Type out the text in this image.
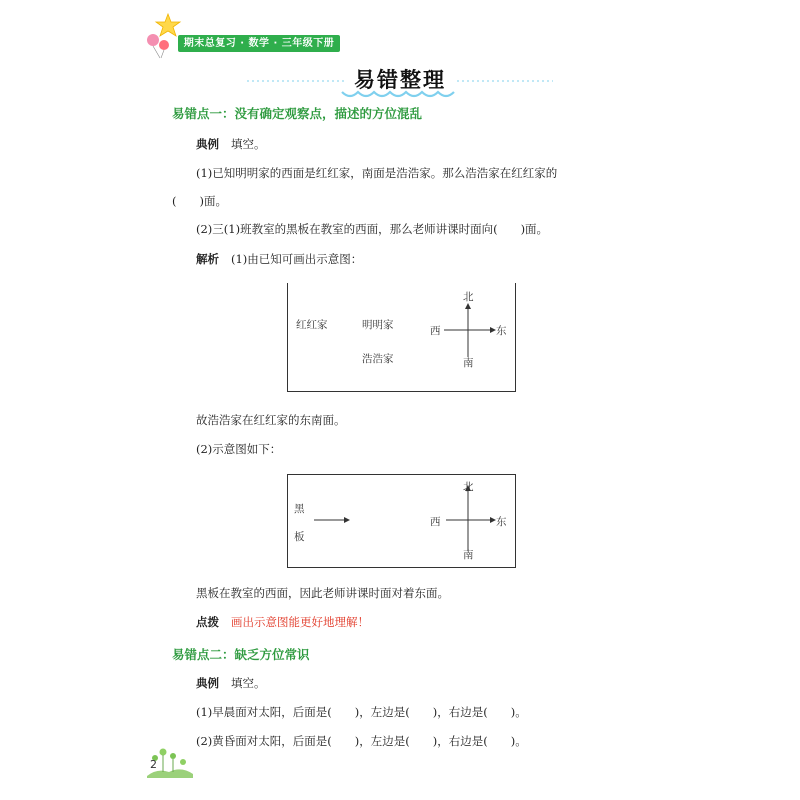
期末总复习 · 数学 · 三年级下册
易错整理
易错点一：没有确定观察点，描述的方位混乱
典例 填空。
(1)已知明明家的西面是红红家，南面是浩浩家。那么浩浩家在红红家的
(　　)面。
(2)三(1)班教室的黑板在教室的西面，那么老师讲课时面向(　　)面。
解析 (1)由已知可画出示意图：
红红家	明明家
浩浩家
北
南
西	东
故浩浩家在红红家的东南面。
(2)示意图如下：
黑
板
北
南
西	东
黑板在教室的西面，因此老师讲课时面对着东面。
点拨 画出示意图能更好地理解！
易错点二：缺乏方位常识
典例 填空。
(1)早晨面对太阳，后面是(　　)，左边是(　　)，右边是(　　)。
(2)黄昏面对太阳，后面是(　　)，左边是(　　)，右边是(　　)。
2
